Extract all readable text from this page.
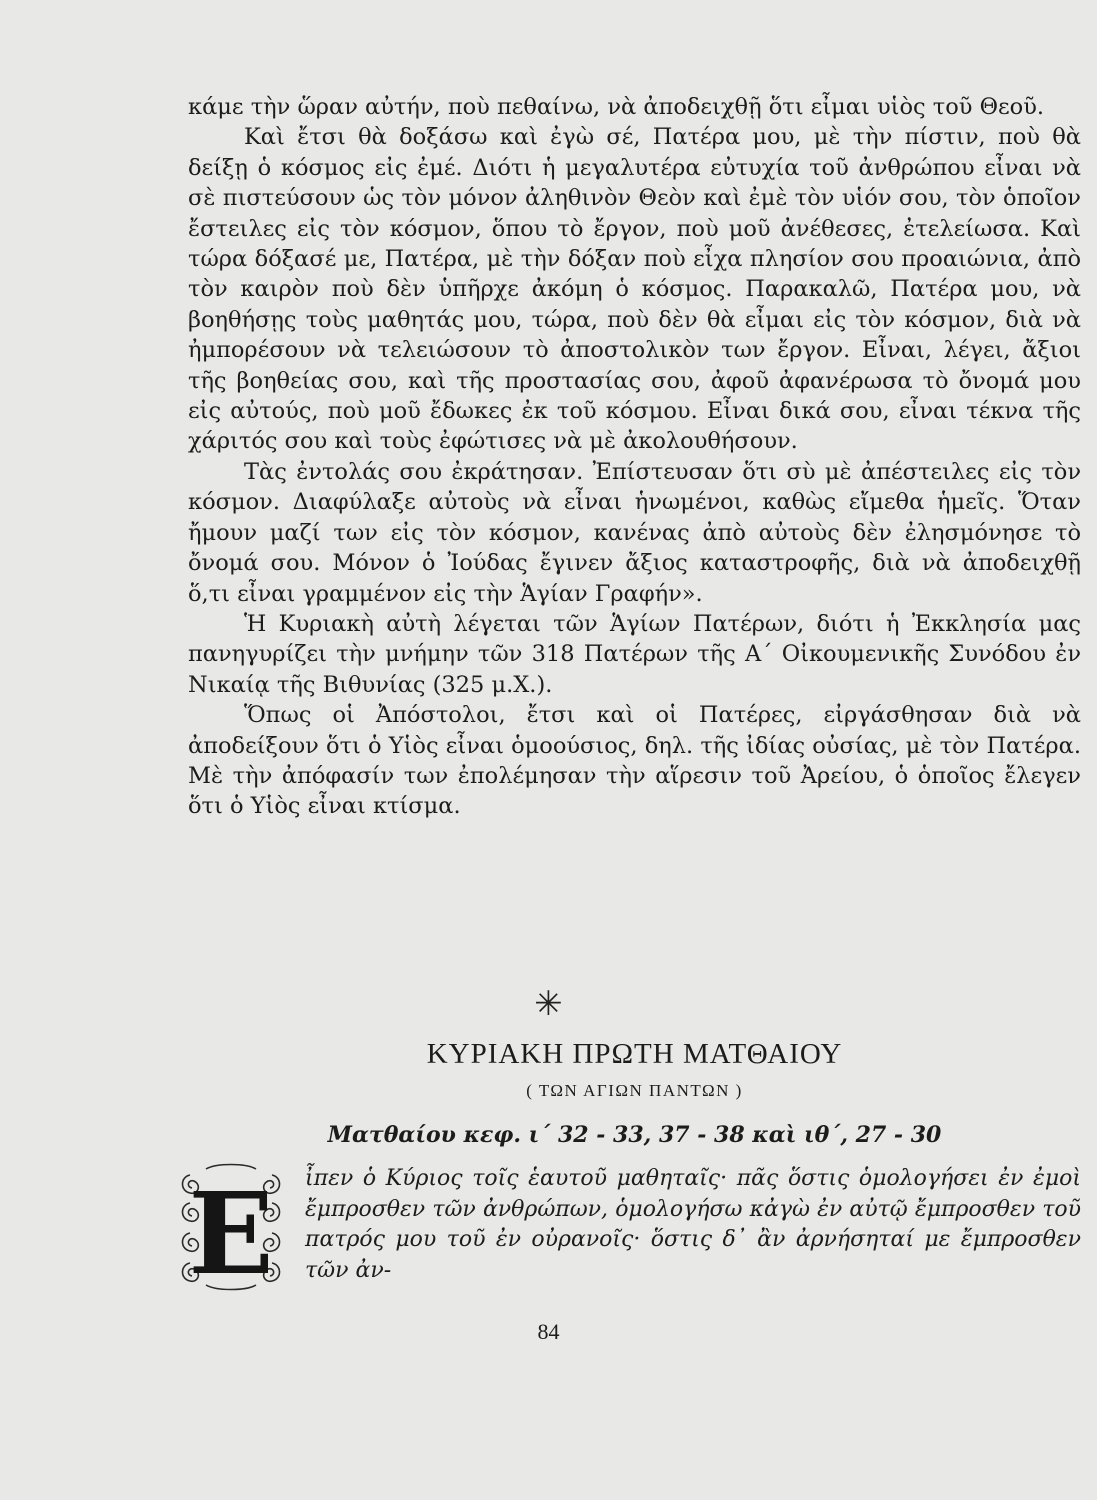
κάμε τὴν ὥραν αὐτήν, ποὺ πεθαίνω, νὰ ἀποδειχθῇ ὅτι εἶμαι υἱὸς τοῦ Θεοῦ.

Καὶ ἔτσι θὰ δοξάσω καὶ ἐγὼ σέ, Πατέρα μου, μὲ τὴν πίστιν, ποὺ θὰ δείξῃ ὁ κόσμος εἰς ἐμέ. Διότι ἡ μεγαλυτέρα εὐτυχία τοῦ ἀνθρώπου εἶναι νὰ σὲ πιστεύσουν ὡς τὸν μόνον ἀληθινὸν Θεὸν καὶ ἐμὲ τὸν υἱόν σου, τὸν ὁποῖον ἔστειλες εἰς τὸν κόσμον, ὅπου τὸ ἔργον, ποὺ μοῦ ἀνέθεσες, ἐτελείωσα. Καὶ τώρα δόξασέ με, Πατέρα, μὲ τὴν δόξαν ποὺ εἶχα πλησίον σου προαιώνια, ἀπὸ τὸν καιρὸν ποὺ δὲν ὑπῆρχε ἀκόμη ὁ κόσμος. Παρακαλῶ, Πατέρα μου, νὰ βοηθήσῃς τοὺς μαθητάς μου, τώρα, ποὺ δὲν θὰ εἶμαι εἰς τὸν κόσμον, διὰ νὰ ἠμπορέσουν νὰ τελειώσουν τὸ ἀποστολικὸν των ἔργον. Εἶναι, λέγει, ἄξιοι τῆς βοηθείας σου, καὶ τῆς προστασίας σου, ἀφοῦ ἀφανέρωσα τὸ ὄνομά μου εἰς αὐτούς, ποὺ μοῦ ἔδωκες ἐκ τοῦ κόσμου. Εἶναι δικά σου, εἶναι τέκνα τῆς χάριτός σου καὶ τοὺς ἐφώτισες νὰ μὲ ἀκολουθήσουν.

Τὰς ἐντολάς σου ἐκράτησαν. Ἐπίστευσαν ὅτι σὺ μὲ ἀπέστειλες εἰς τὸν κόσμον. Διαφύλαξε αὐτοὺς νὰ εἶναι ἡνωμένοι, καθὼς εἴμεθα ἡμεῖς. Ὅταν ἤμουν μαζί των εἰς τὸν κόσμον, κανένας ἀπὸ αὐτοὺς δὲν ἐλησμόνησε τὸ ὄνομά σου. Μόνον ὁ Ἰούδας ἔγινεν ἄξιος καταστροφῆς, διὰ νὰ ἀποδειχθῇ ὅ,τι εἶναι γραμμένον εἰς τὴν Ἁγίαν Γραφήν».

Ἡ Κυριακὴ αὐτὴ λέγεται τῶν Ἁγίων Πατέρων, διότι ἡ Ἐκκλησία μας πανηγυρίζει τὴν μνήμην τῶν 318 Πατέρων τῆς Α΄ Οἰκουμενικῆς Συνόδου ἐν Νικαίᾳ τῆς Βιθυνίας (325 μ.Χ.).

Ὅπως οἱ Ἀπόστολοι, ἔτσι καὶ οἱ Πατέρες, εἰργάσθησαν διὰ νὰ ἀποδείξουν ὅτι ὁ Υἱὸς εἶναι ὁμοούσιος, δηλ. τῆς ἰδίας οὐσίας, μὲ τὸν Πατέρα. Μὲ τὴν ἀπόφασίν των ἐπολέμησαν τὴν αἵρεσιν τοῦ Ἀρείου, ὁ ὁποῖος ἔλεγεν ὅτι ὁ Υἱὸς εἶναι κτίσμα.

✳
ΚΥΡΙΑΚΗ ΠΡΩΤΗ ΜΑΤΘΑΙΟΥ
( ΤΩΝ ΑΓΙΩΝ ΠΑΝΤΩΝ )
Ματθαίου κεφ. ι΄ 32 - 33, 37 - 38 καὶ ιθ΄, 27 - 30
Ε ἶπεν ὁ Κύριος τοῖς ἑαυτοῦ μαθηταῖς· πᾶς ὅστις ὁμολογήσει ἐν ἐμοὶ ἔμπροσθεν τῶν ἀνθρώπων, ὁμολογήσω κἀγὼ ἐν αὐτῷ ἔμπροσθεν τοῦ πατρός μου τοῦ ἐν οὐρανοῖς· ὅστις δ᾽ ἂν ἀρνήσηταί με ἔμπροσθεν τῶν ἀν-

84
